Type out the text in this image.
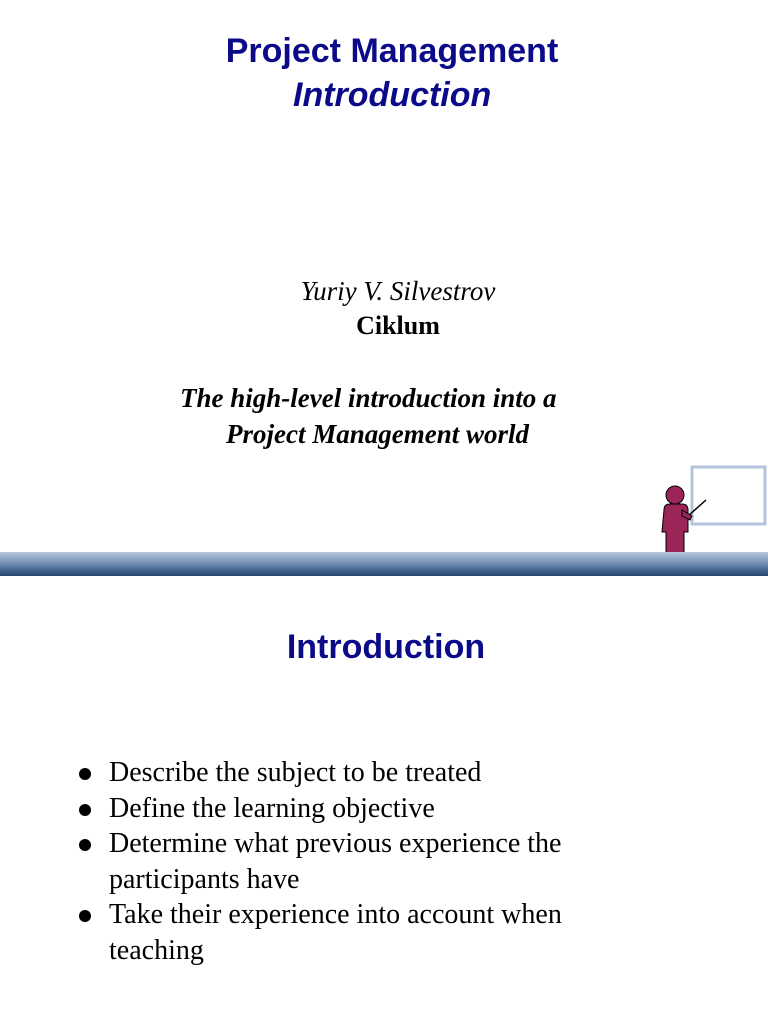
Project Management
Introduction
Yuriy V. Silvestrov
Ciklum
The high-level introduction into a
Project Management world
Introduction
Describe the subject to be treated
Define the learning objective
Determine what previous experience the
participants have
Take their experience into account when
teaching
